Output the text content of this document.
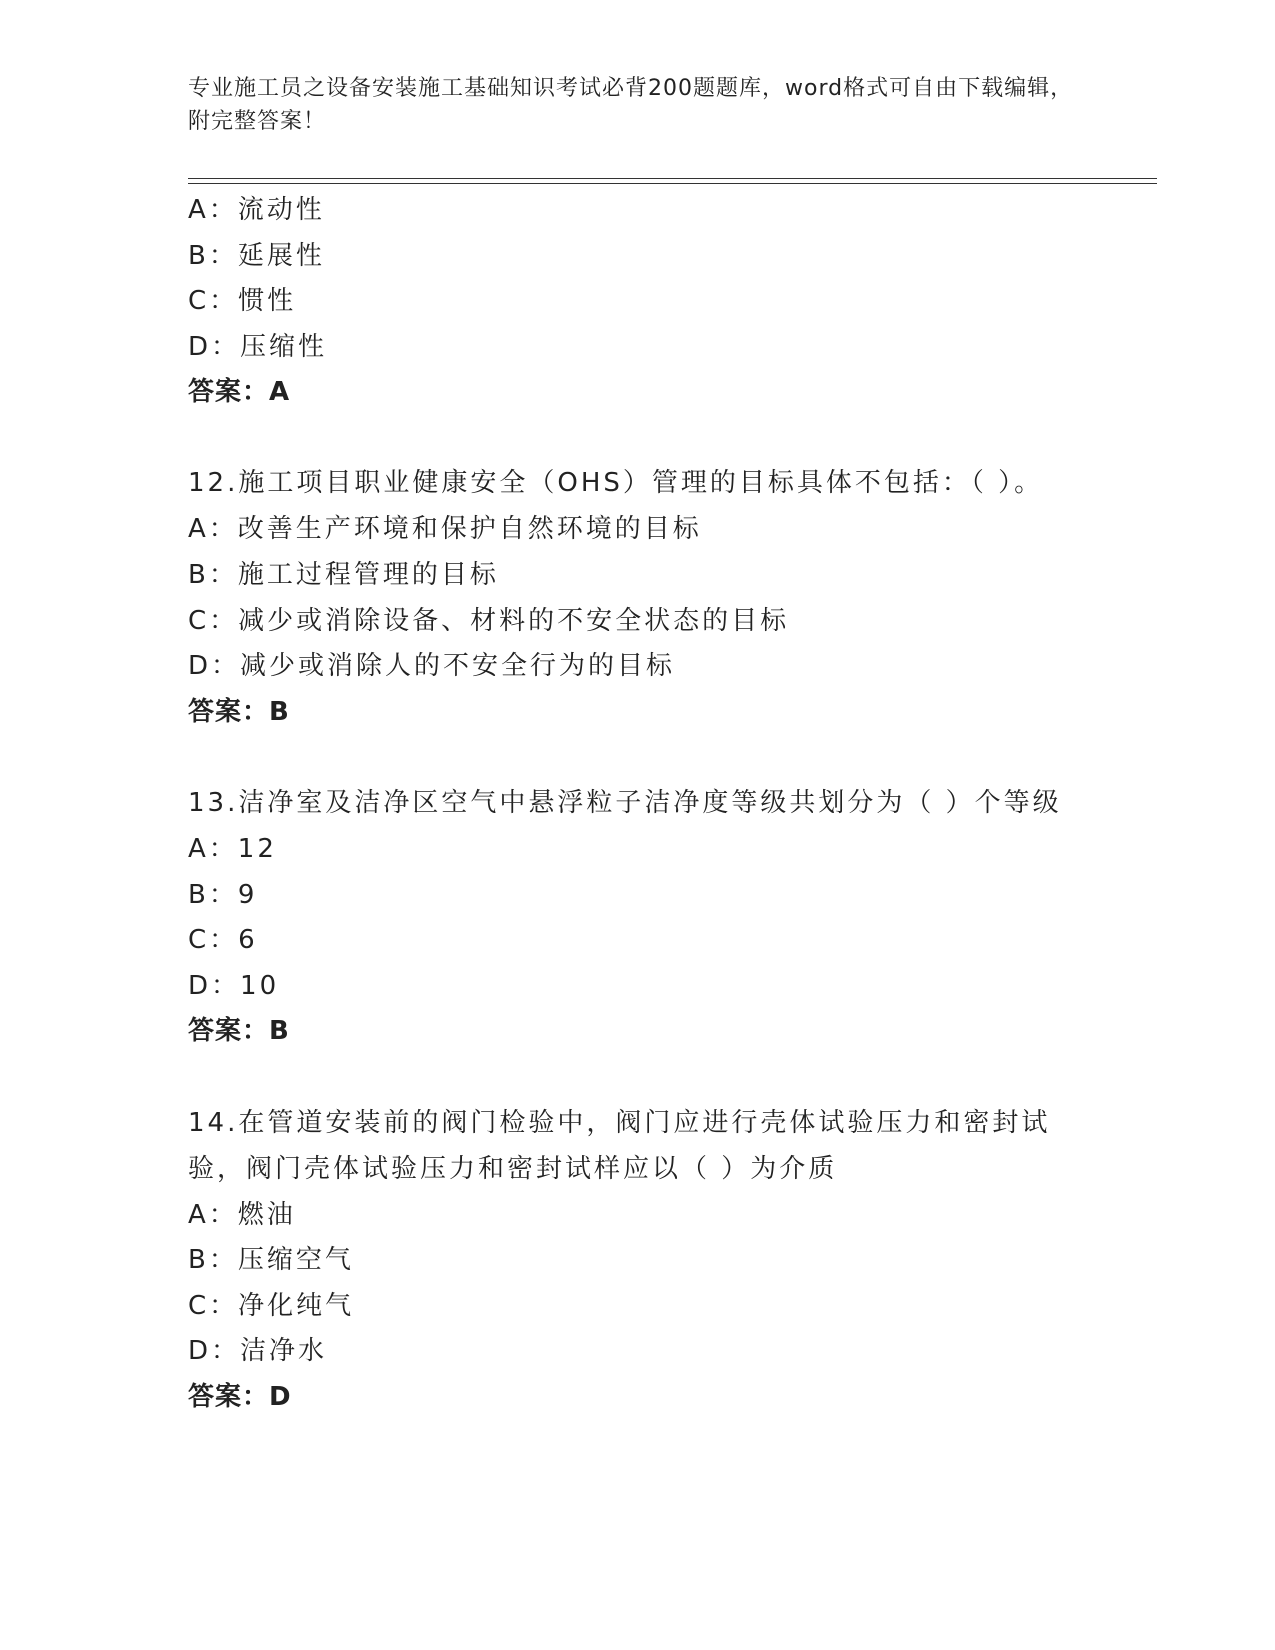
专业施工员之设备安装施工基础知识考试必背200题题库，word格式可自由下载编辑，附完整答案！
A：流动性
B：延展性
C：惯性
D：压缩性
答案：A
12.施工项目职业健康安全（OHS）管理的目标具体不包括：（ ）。
A：改善生产环境和保护自然环境的目标
B：施工过程管理的目标
C：减少或消除设备、材料的不安全状态的目标
D：减少或消除人的不安全行为的目标
答案：B
13.洁净室及洁净区空气中悬浮粒子洁净度等级共划分为（ ）个等级
A：12
B：9
C：6
D：10
答案：B
14.在管道安装前的阀门检验中，阀门应进行壳体试验压力和密封试验，阀门壳体试验压力和密封试样应以（ ）为介质
A：燃油
B：压缩空气
C：净化纯气
D：洁净水
答案：D
